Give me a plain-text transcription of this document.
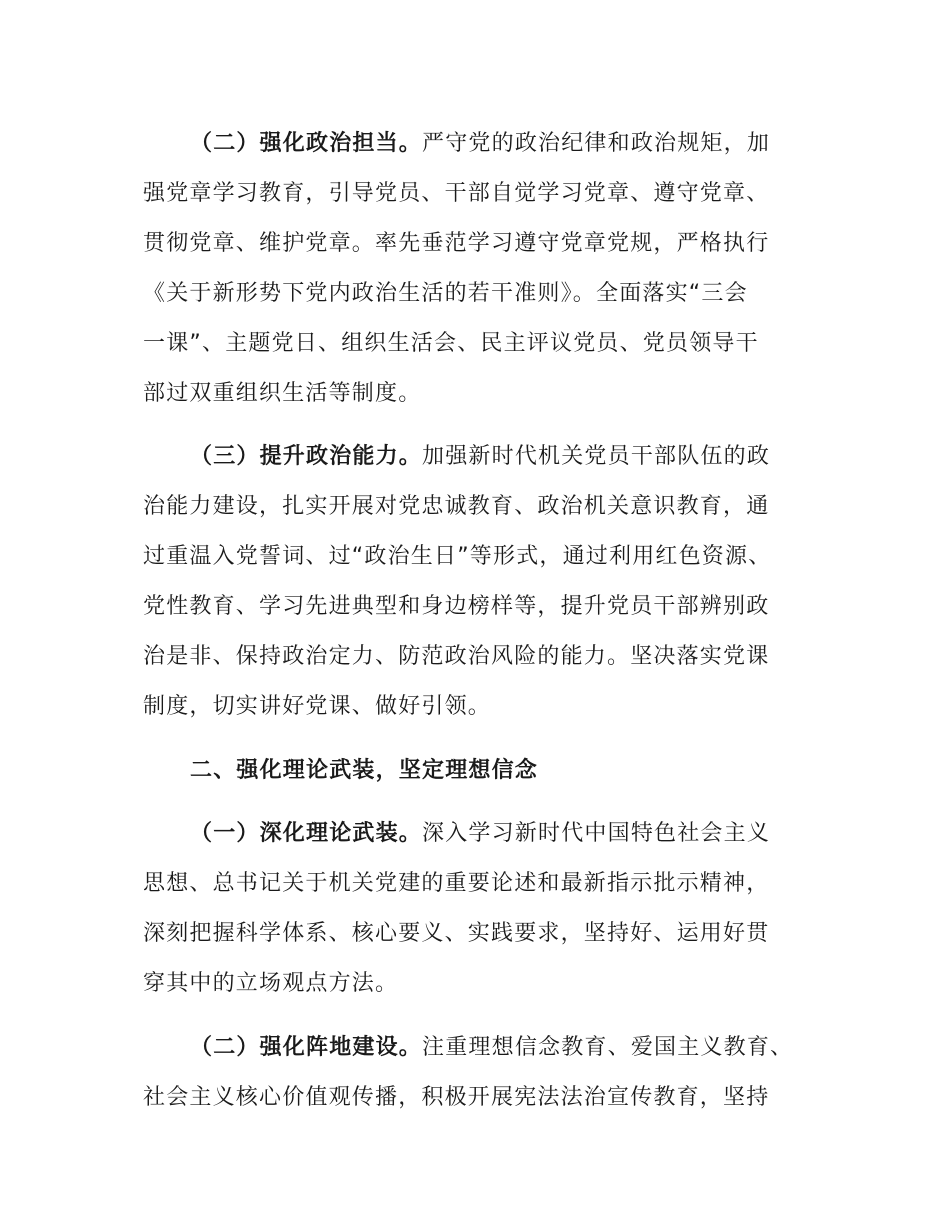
（二）强化政治担当。严守党的政治纪律和政治规矩，加
强党章学习教育，引导党员、干部自觉学习党章、遵守党章、
贯彻党章、维护党章。率先垂范学习遵守党章党规，严格执行
《关于新形势下党内政治生活的若干准则》。全面落实“三会
一课”、主题党日、组织生活会、民主评议党员、党员领导干
部过双重组织生活等制度。
（三）提升政治能力。加强新时代机关党员干部队伍的政
治能力建设，扎实开展对党忠诚教育、政治机关意识教育，通
过重温入党誓词、过“政治生日”等形式，通过利用红色资源、
党性教育、学习先进典型和身边榜样等，提升党员干部辨别政
治是非、保持政治定力、防范政治风险的能力。坚决落实党课
制度，切实讲好党课、做好引领。
二、强化理论武装，坚定理想信念
（一）深化理论武装。深入学习新时代中国特色社会主义
思想、总书记关于机关党建的重要论述和最新指示批示精神，
深刻把握科学体系、核心要义、实践要求，坚持好、运用好贯
穿其中的立场观点方法。
（二）强化阵地建设。注重理想信念教育、爱国主义教育、
社会主义核心价值观传播，积极开展宪法法治宣传教育，坚持
